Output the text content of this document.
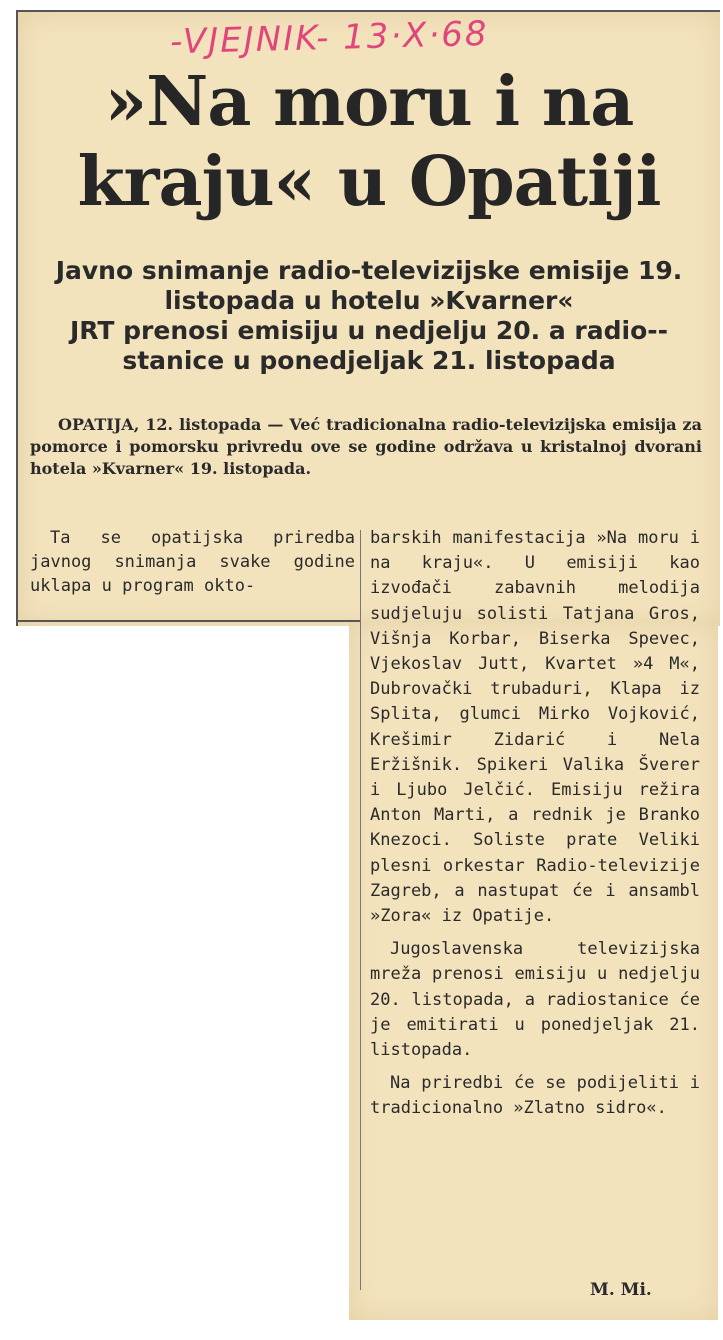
-VJEJNIK- 13·X·68
»Na moru i na kraju« u Opatiji
Javno snimanje radio-televizijske emisije 19. listopada u hotelu »Kvarner«
JRT prenosi emisiju u nedjelju 20. a radio--stanice u ponedjeljak 21. listopada
OPATIJA, 12. listopada — Već tradicionalna radio-televizijska emisija za pomorce i pomorsku privredu ove se godine održava u kristalnoj dvorani hotela »Kvarner« 19. listopada.
Ta se opatijska priredba javnog snimanja svake godine uklapa u program okto-

barskih manifestacija »Na moru i na kraju«. U emisiji kao izvođači zabavnih melodija sudjeluju solisti Tatjana Gros, Višnja Korbar, Biserka Spevec, Vjekoslav Jutt, Kvartet »4 M«, Dubrovački trubaduri, Klapa iz Splita, glumci Mirko Vojković, Krešimir Zidarić i Nela Eržišnik. Spikeri Valika Šverer i Ljubo Jelčić. Emisiju režira Anton Marti, a rednik je Branko Knezoci. Soliste prate Veliki plesni orkestar Radio-televizije Zagreb, a nastupat će i ansambl »Zora« iz Opatije.

Jugoslavenska televizijska mreža prenosi emisiju u nedjelju 20. listopada, a radiostanice će je emitirati u ponedjeljak 21. listopada.

Na priredbi će se podijeliti i tradicionalno »Zlatno sidro«.

M. Mi.
